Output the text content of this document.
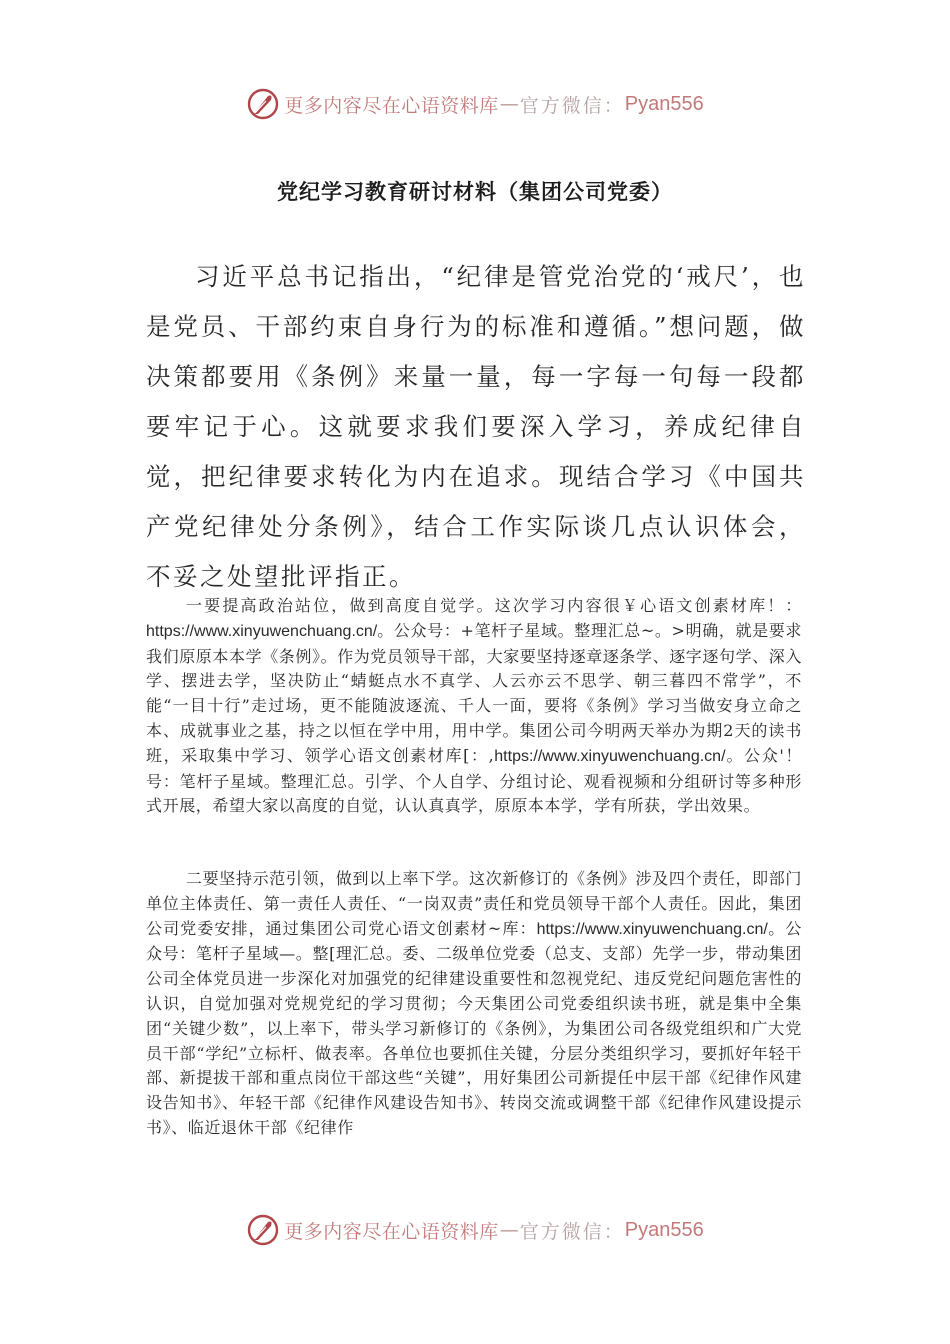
更多内容尽在心语资料库 — 官方微信： Pyan556
党纪学习教育研讨材料（集团公司党委）

习近平总书记指出，“纪律是管党治党的‘戒尺’，也是党员、干部约束自身行为的标准和遵循。”想问题，做决策都要用《条例》来量一量，每一字每一句每一段都要牢记于心。这就要求我们要深入学习，养成纪律自觉，把纪律要求转化为内在追求。现结合学习《中国共产党纪律处分条例》，结合工作实际谈几点认识体会，不妥之处望批评指正。

一要提高政治站位，做到高度自觉学。这次学习内容很￥心语文创素材库！：https://www.xinyuwenchuang.cn/。公众号：+笔杆子星域。整理汇总~。>明确，就是要求我们原原本本学《条例》。作为党员领导干部，大家要坚持逐章逐条学、逐字逐句学、深入学、摆进去学，坚决防止“蜻蜓点水不真学、人云亦云不思学、朝三暮四不常学”，不能“一目十行”走过场，更不能随波逐流、千人一面，要将《条例》学习当做安身立命之本、成就事业之基，持之以恒在学中用，用中学。集团公司今明两天举办为期2天的读书班，采取集中学习、领学心语文创素材库[：,https://www.xinyuwenchuang.cn/。公众'！号：笔杆子星域。整理汇总。引学、个人自学、分组讨论、观看视频和分组研讨等多种形式开展，希望大家以高度的自觉，认认真真学，原原本本学，学有所获，学出效果。

二要坚持示范引领，做到以上率下学。这次新修订的《条例》涉及四个责任，即部门单位主体责任、第一责任人责任、“一岗双责”责任和党员领导干部个人责任。因此，集团公司党委安排，通过集团公司党心语文创素材~库：https://www.xinyuwenchuang.cn/。公众号：笔杆子星域—。整[理汇总。委、二级单位党委（总支、支部）先学一步，带动集团公司全体党员进一步深化对加强党的纪律建设重要性和忽视党纪、违反党纪问题危害性的认识，自觉加强对党规党纪的学习贯彻；今天集团公司党委组织读书班，就是集中全集团“关键少数”，以上率下，带头学习新修订的《条例》，为集团公司各级党组织和广大党员干部“学纪”立标杆、做表率。各单位也要抓住关键，分层分类组织学习，要抓好年轻干部、新提拔干部和重点岗位干部这些“关键”，用好集团公司新提任中层干部《纪律作风建设告知书》、年轻干部《纪律作风建设告知书》、转岗交流或调整干部《纪律作风建设提示书》、临近退休干部《纪律作

更多内容尽在心语资料库 — 官方微信： Pyan556
